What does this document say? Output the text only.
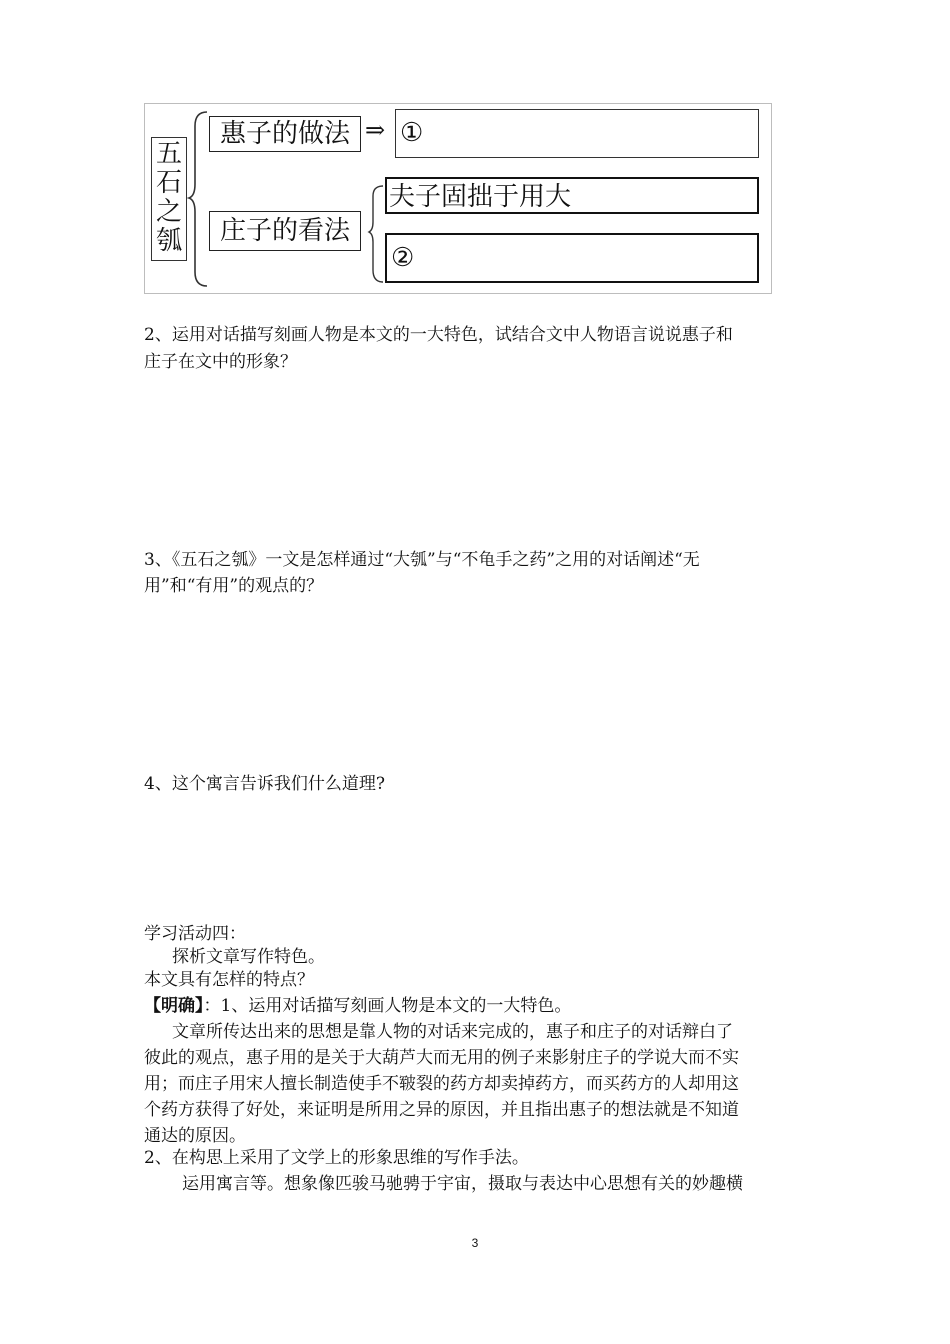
五
石
之
瓠
惠子的做法 ⇒ ①
庄子的看法
夫子固拙于用大
②

2、运用对话描写刻画人物是本文的一大特色，试结合文中人物语言说说惠子和

庄子在文中的形象？

3、《五石之瓠》一文是怎样通过“大瓠”与“不龟手之药”之用的对话阐述“无

用”和“有用”的观点的？

4、这个寓言告诉我们什么道理?

学习活动四：

探析文章写作特色。

本文具有怎样的特点？

【明确】：1、运用对话描写刻画人物是本文的一大特色。

文章所传达出来的思想是靠人物的对话来完成的，惠子和庄子的对话辩白了

彼此的观点，惠子用的是关于大葫芦大而无用的例子来影射庄子的学说大而不实

用；而庄子用宋人擅长制造使手不皲裂的药方却卖掉药方，而买药方的人却用这

个药方获得了好处，来证明是所用之异的原因，并且指出惠子的想法就是不知道

通达的原因。

2、在构思上采用了文学上的形象思维的写作手法。

运用寓言等。想象像匹骏马驰骋于宇宙，摄取与表达中心思想有关的妙趣横

3
